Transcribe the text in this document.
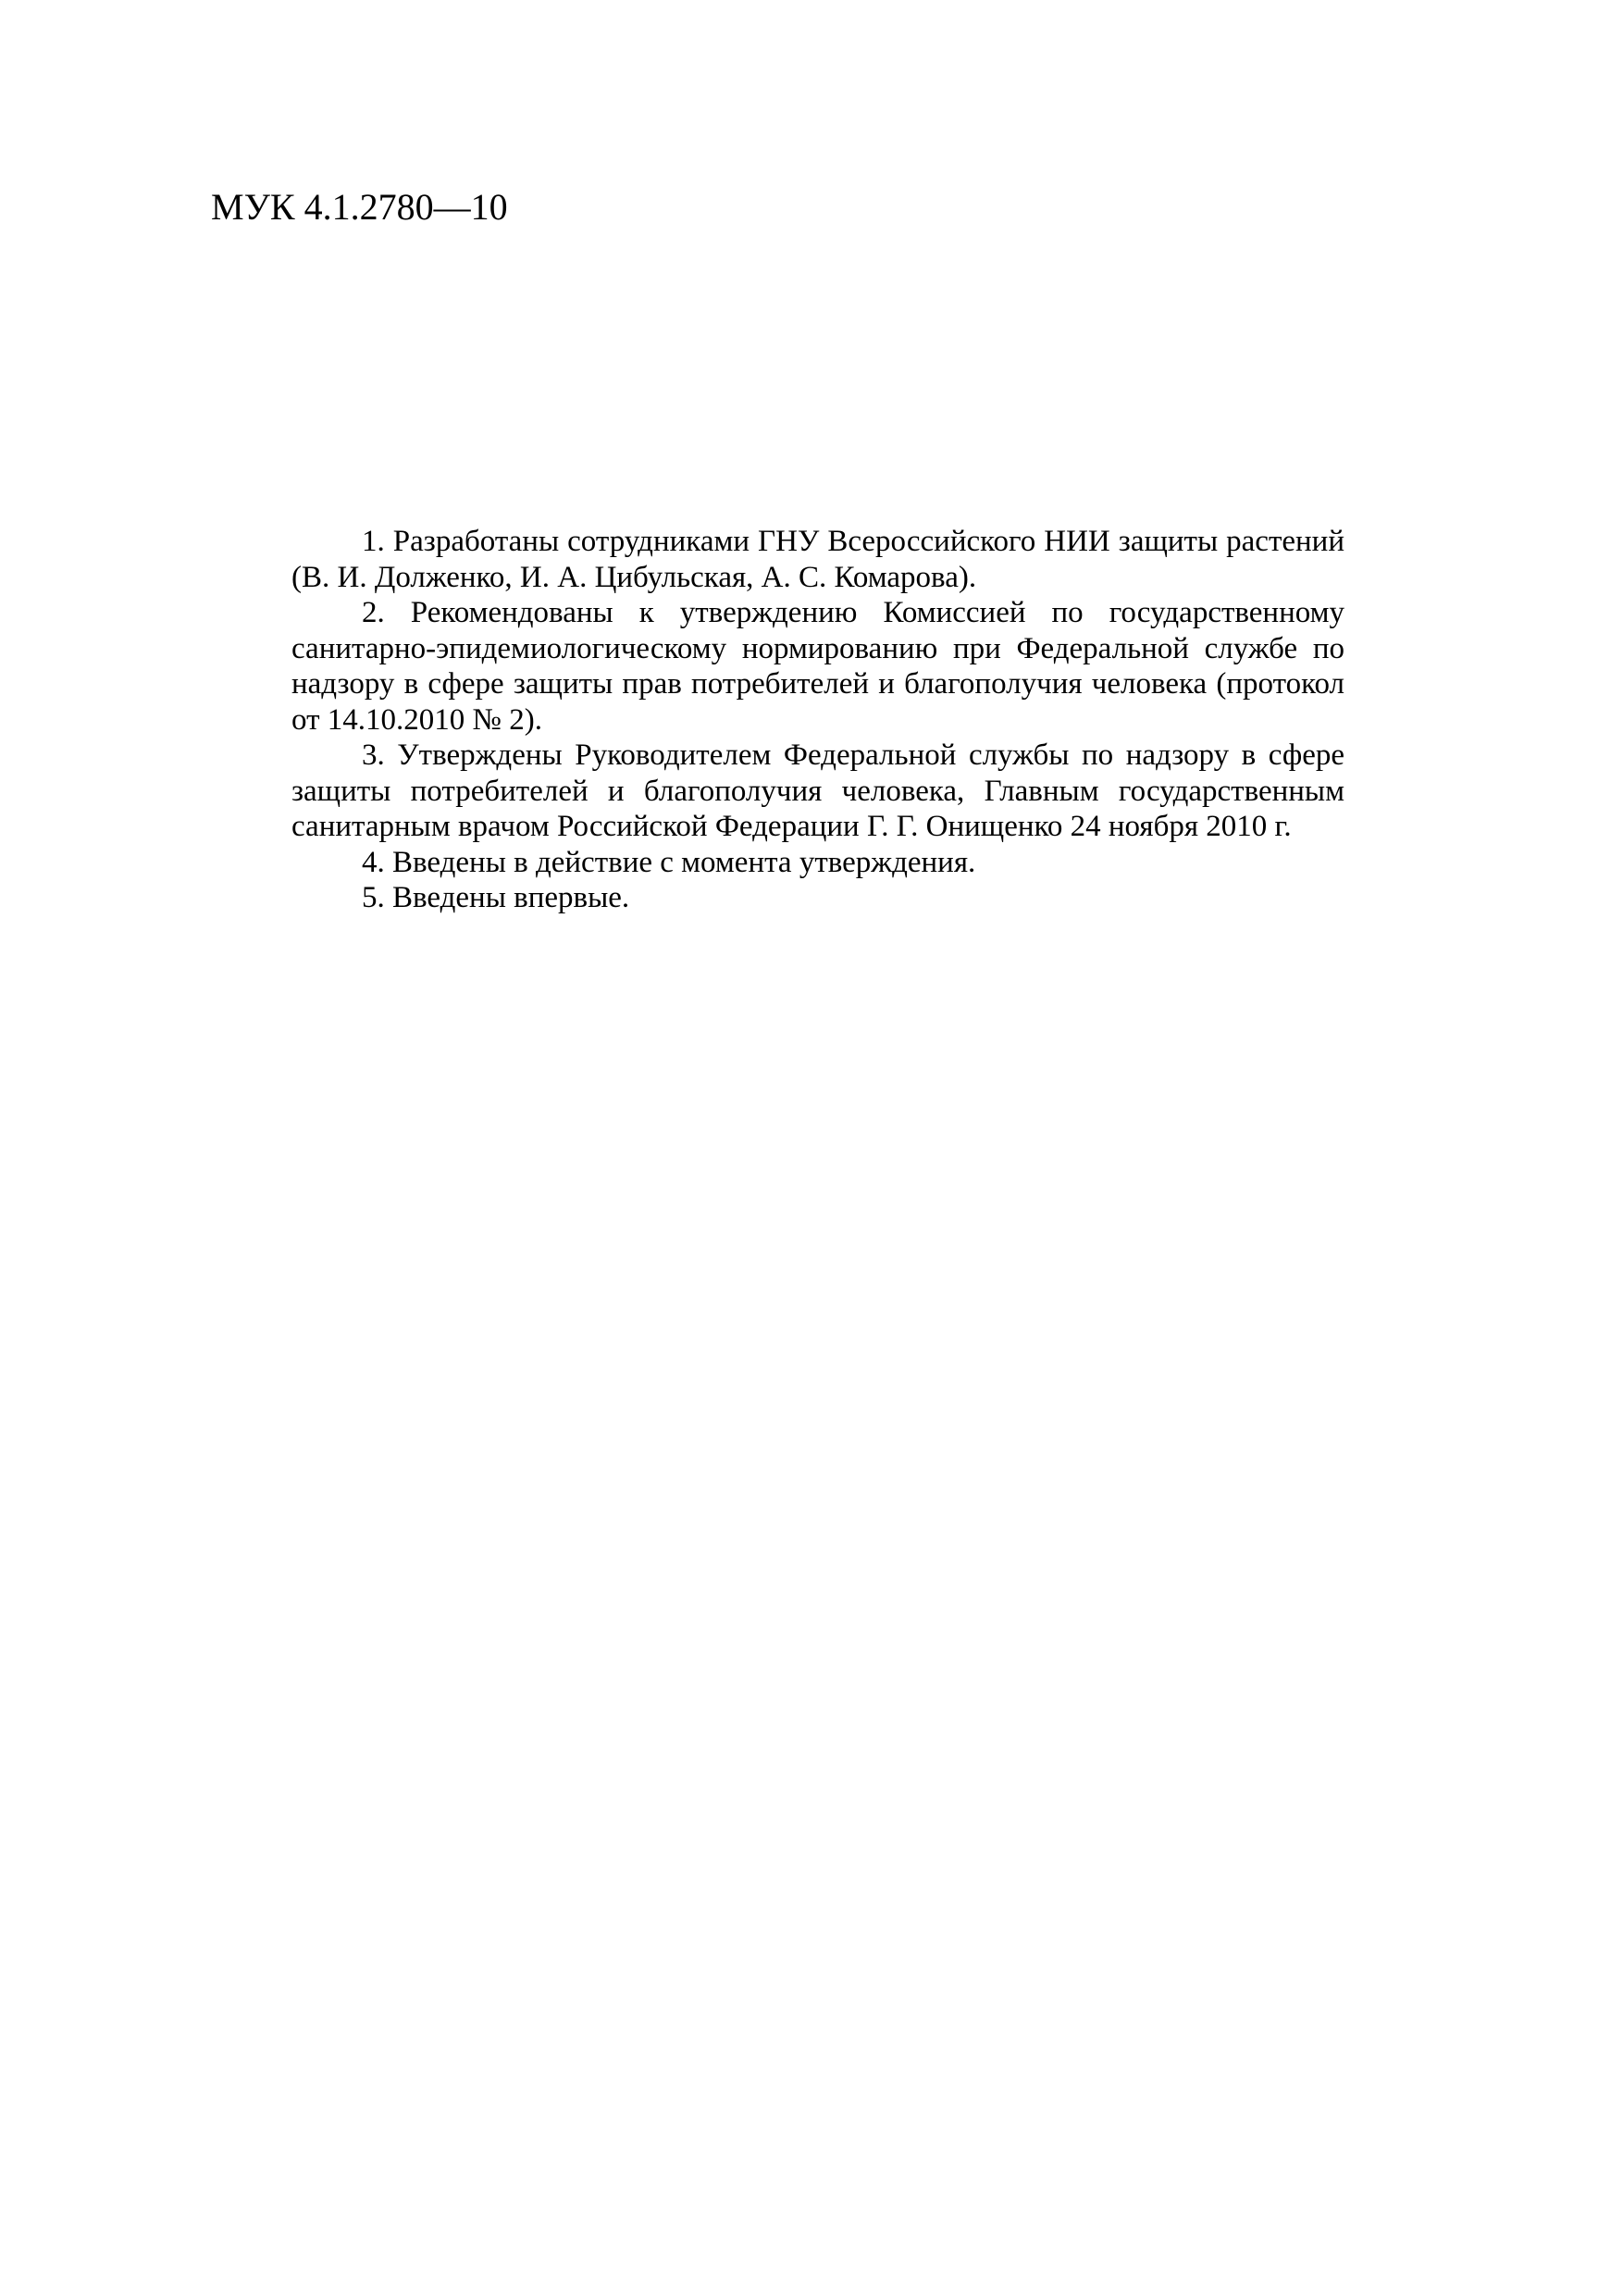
МУК 4.1.2780—10

1. Разработаны сотрудниками ГНУ Всероссийского НИИ защиты растений (В. И. Долженко, И. А. Цибульская, А. С. Комарова).

2. Рекомендованы к утверждению Комиссией по государственному санитарно-эпидемиологическому нормированию при Федеральной службе по надзору в сфере защиты прав потребителей и благополучия человека (протокол от 14.10.2010 № 2).

3. Утверждены Руководителем Федеральной службы по надзору в сфере защиты потребителей и благополучия человека, Главным государственным санитарным врачом Российской Федерации Г. Г. Онищенко 24 ноября 2010 г.

4. Введены в действие с момента утверждения.

5. Введены впервые.
